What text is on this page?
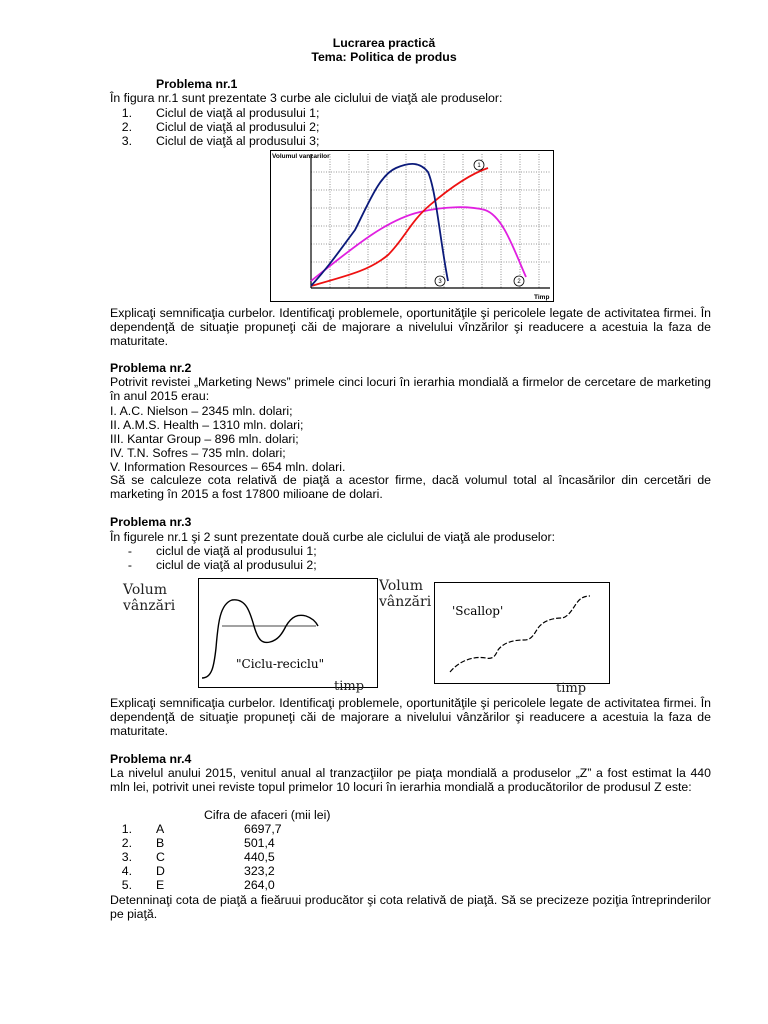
Lucrarea practică
Tema: Politica de produs
Problema nr.1
În figura nr.1 sunt prezentate 3 curbe ale ciclului de viaţă ale produselor:
1. Ciclul de viaţă al produsului 1;
2. Ciclul de viaţă al produsului 2;
3. Ciclul de viaţă al produsului 3;
Volumul vanzarilor
Timp
1
2
3

Explicaţi semnificaţia curbelor. Identificaţi problemele, oportunităţile şi pericolele legate de activitatea firmei. În dependenţă de situaţie propuneţi căi de majorare a nivelului vînzărilor şi readucere a acestuia la faza de maturitate.

Problema nr.2

Potrivit revistei „Marketing News” primele cinci locuri în ierarhia mondială a firmelor de cercetare de marketing în anul 2015 erau:

I. A.C. Nielson – 2345 mln. dolari;
II. A.M.S. Health – 1310 mln. dolari;
III. Kantar Group – 896 mln. dolari;
IV. T.N. Sofres – 735 mln. dolari;
V. Information Resources – 654 mln. dolari.

Să se calculeze cota relativă de piaţă a acestor firme, dacă volumul total al încasărilor din cercetări de marketing în 2015 a fost 17800 milioane de dolari.

Problema nr.3
În figurele nr.1 şi 2 sunt prezentate două curbe ale ciclului de viaţă ale produselor:
- ciclul de viaţă al produsului 1;
- ciclul de viaţă al produsului 2;
Volum
vânzări
"Ciclu-reciclu"
timp
Volum
vânzări
'Scallop'
timp

Explicaţi semnificaţia curbelor. Identificaţi problemele, oportunităţile şi pericolele legate de activitatea firmei. În dependenţă de situaţie propuneţi căi de majorare a nivelului vânzărilor şi readucere a acestuia la faza de maturitate.

Problema nr.4

La nivelul anului 2015, venitul anual al tranzacţiilor pe piaţa mondială a produselor „Z” a fost estimat la 440 mln lei, potrivit unei reviste topul primelor 10 locuri în ierarhia mondială a producătorilor de produsul Z este:

Cifra de afaceri (mii lei)
1. A	6697,7
2. B	501,4
3. C	440,5
4. D	323,2
5. E	264,0

Detenninaţi cota de piaţă a fieăruui producător şi cota relativă de piaţă. Să se precizeze poziţia întreprinderilor pe piaţă.
